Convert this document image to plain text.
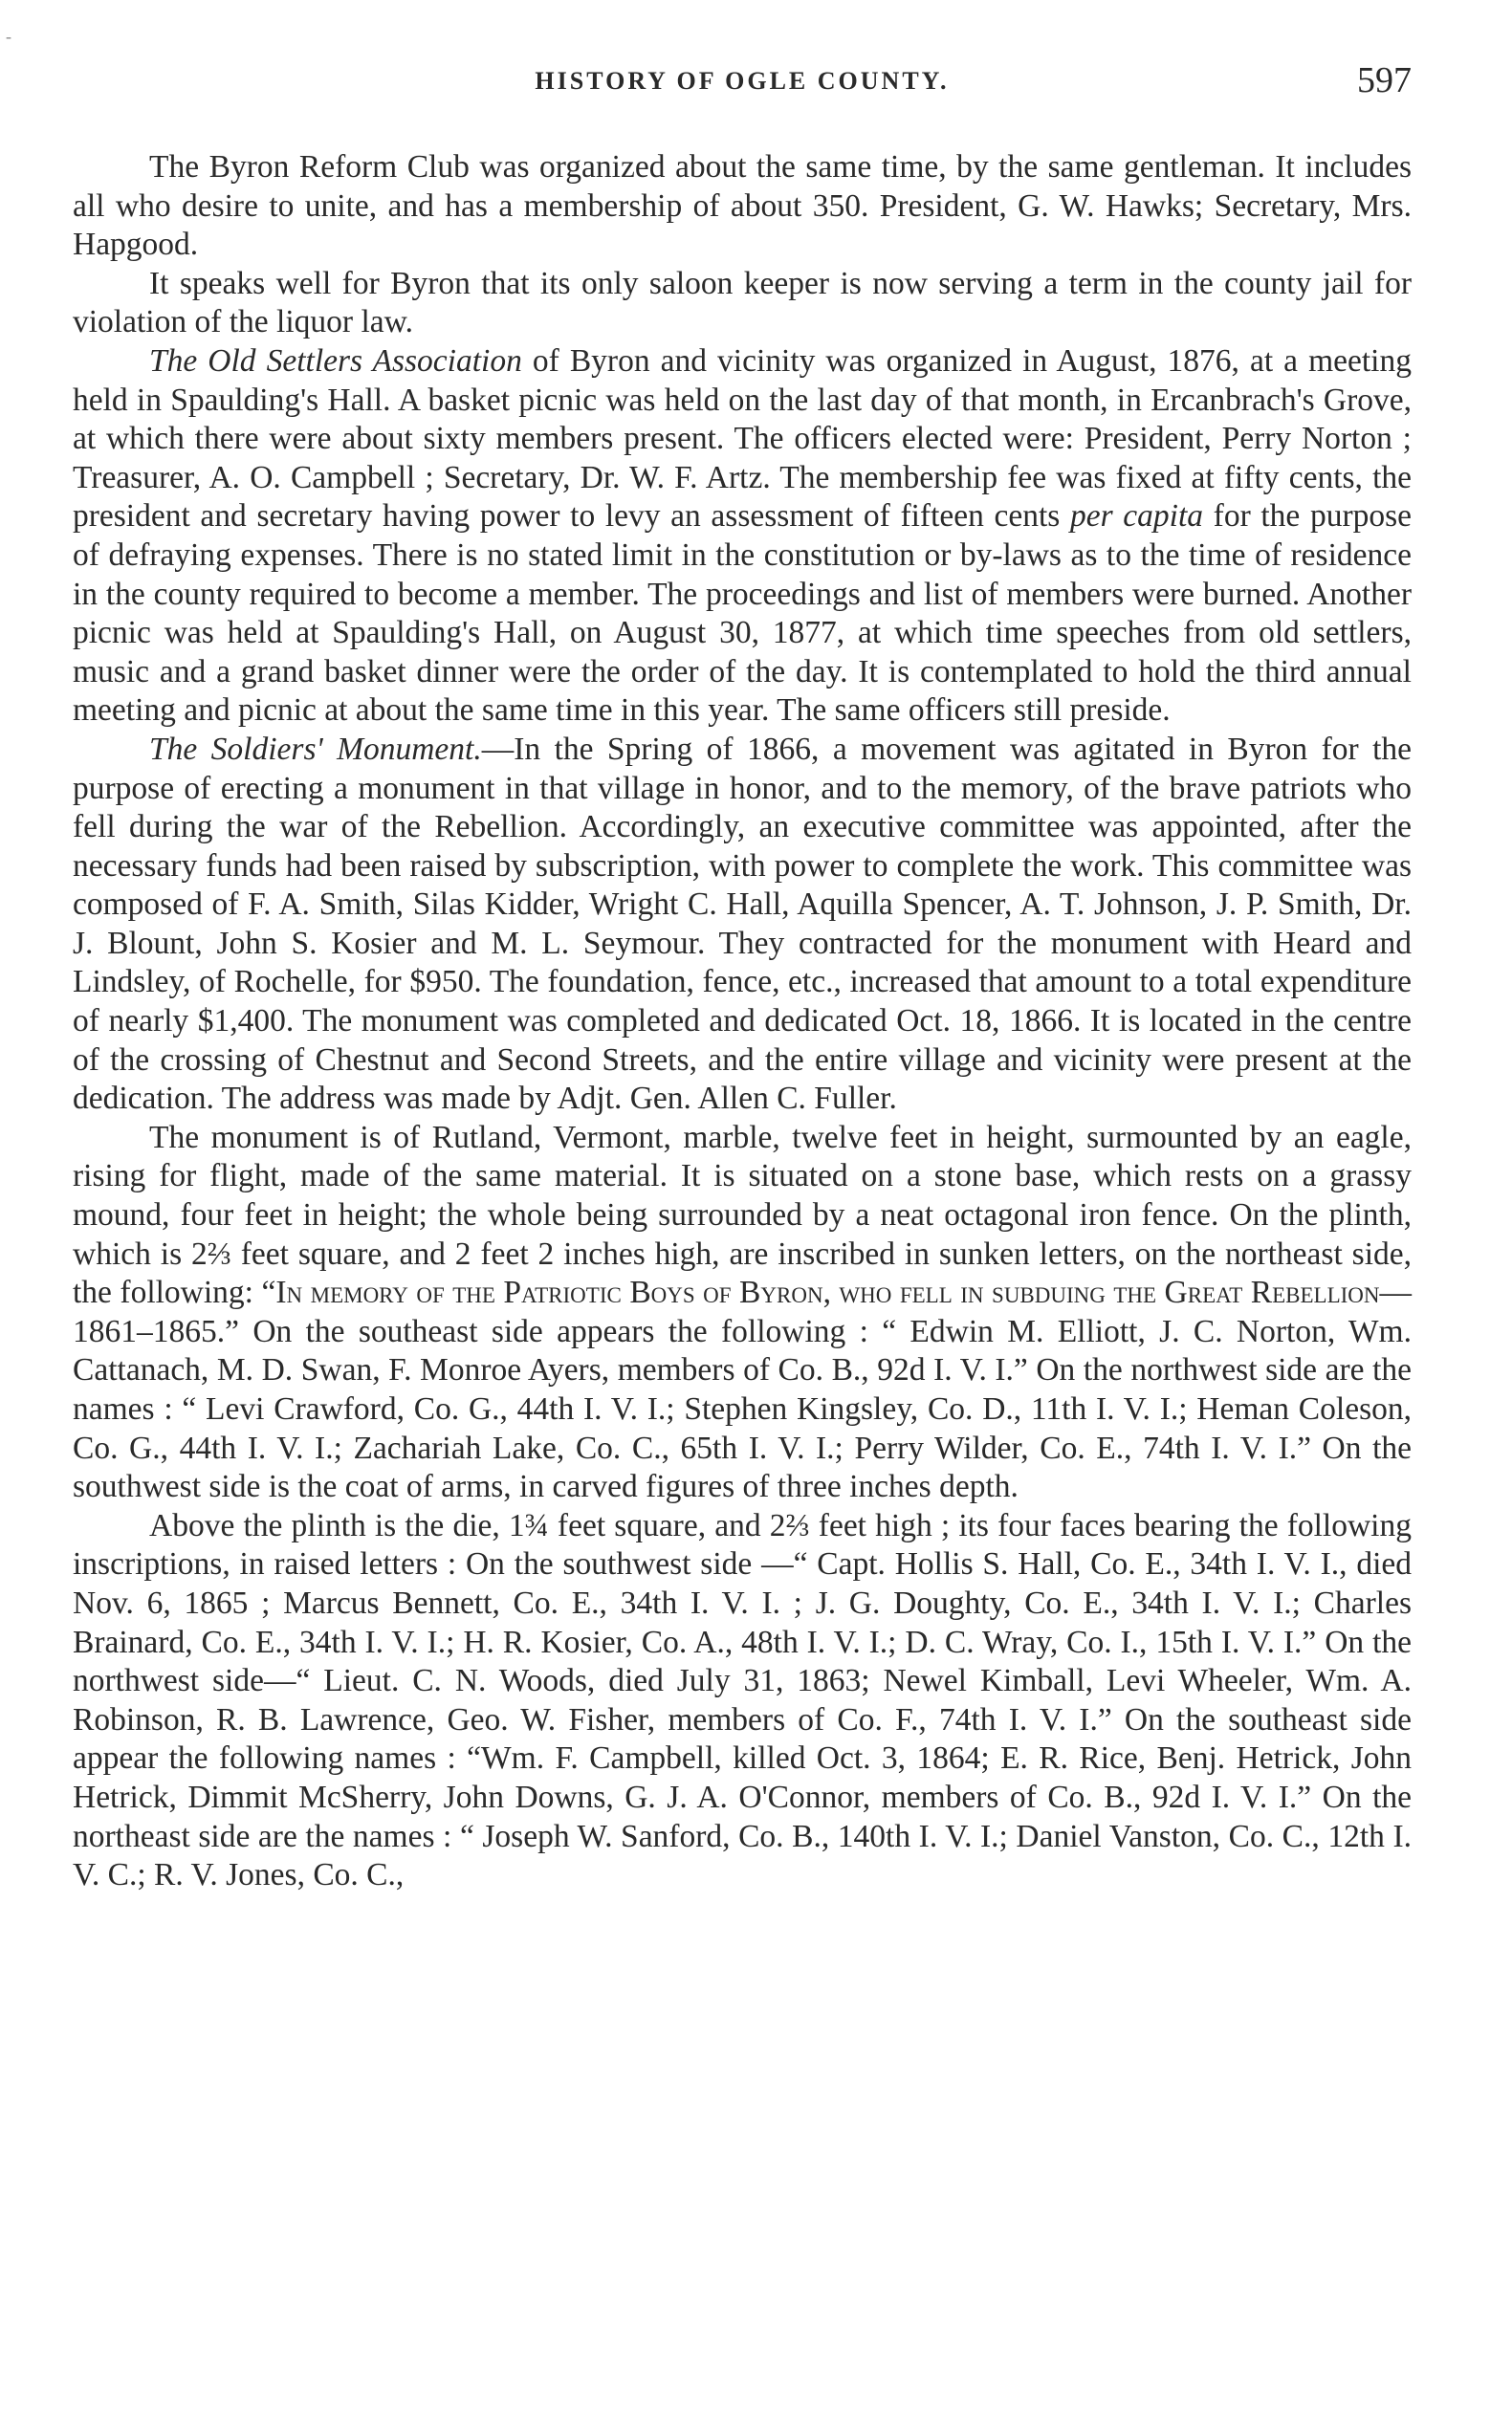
-
HISTORY OF OGLE COUNTY.	597

The Byron Reform Club was organized about the same time, by the same gentleman. It includes all who desire to unite, and has a membership of about 350. President, G. W. Hawks; Secretary, Mrs. Hapgood.

It speaks well for Byron that its only saloon keeper is now serving a term in the county jail for violation of the liquor law.

The Old Settlers Association of Byron and vicinity was organized in August, 1876, at a meeting held in Spaulding's Hall. A basket picnic was held on the last day of that month, in Ercanbrach's Grove, at which there were about sixty members present. The officers elected were: President, Perry Norton ; Treasurer, A. O. Campbell ; Secretary, Dr. W. F. Artz. The membership fee was fixed at fifty cents, the president and secretary having power to levy an assessment of fifteen cents per capita for the purpose of defraying expenses. There is no stated limit in the constitution or by-laws as to the time of residence in the county required to become a member. The proceedings and list of members were burned. Another picnic was held at Spaulding's Hall, on August 30, 1877, at which time speeches from old settlers, music and a grand basket dinner were the order of the day. It is contemplated to hold the third annual meeting and picnic at about the same time in this year. The same officers still preside.

The Soldiers' Monument.—In the Spring of 1866, a movement was agitated in Byron for the purpose of erecting a monument in that village in honor, and to the memory, of the brave patriots who fell during the war of the Rebellion. Accordingly, an executive committee was appointed, after the necessary funds had been raised by subscription, with power to complete the work. This committee was composed of F. A. Smith, Silas Kidder, Wright C. Hall, Aquilla Spencer, A. T. Johnson, J. P. Smith, Dr. J. Blount, John S. Kosier and M. L. Seymour. They contracted for the monument with Heard and Lindsley, of Rochelle, for $950. The foundation, fence, etc., increased that amount to a total expenditure of nearly $1,400. The monument was completed and dedicated Oct. 18, 1866. It is located in the centre of the crossing of Chestnut and Second Streets, and the entire village and vicinity were present at the dedication. The address was made by Adjt. Gen. Allen C. Fuller.

The monument is of Rutland, Vermont, marble, twelve feet in height, surmounted by an eagle, rising for flight, made of the same material. It is situated on a stone base, which rests on a grassy mound, four feet in height; the whole being surrounded by a neat octagonal iron fence. On the plinth, which is 2⅔ feet square, and 2 feet 2 inches high, are inscribed in sunken letters, on the northeast side, the following: “In memory of the Patriotic Boys of Byron, who fell in subduing the Great Rebellion—1861–1865.” On the southeast side appears the following : “ Edwin M. Elliott, J. C. Norton, Wm. Cattanach, M. D. Swan, F. Monroe Ayers, members of Co. B., 92d I. V. I.” On the northwest side are the names : “ Levi Crawford, Co. G., 44th I. V. I.; Stephen Kingsley, Co. D., 11th I. V. I.; Heman Coleson, Co. G., 44th I. V. I.; Zachariah Lake, Co. C., 65th I. V. I.; Perry Wilder, Co. E., 74th I. V. I.” On the southwest side is the coat of arms, in carved figures of three inches depth.

Above the plinth is the die, 1¾ feet square, and 2⅔ feet high ; its four faces bearing the following inscriptions, in raised letters : On the southwest side —“ Capt. Hollis S. Hall, Co. E., 34th I. V. I., died Nov. 6, 1865 ; Marcus Bennett, Co. E., 34th I. V. I. ; J. G. Doughty, Co. E., 34th I. V. I.; Charles Brainard, Co. E., 34th I. V. I.; H. R. Kosier, Co. A., 48th I. V. I.; D. C. Wray, Co. I., 15th I. V. I.” On the northwest side—“ Lieut. C. N. Woods, died July 31, 1863; Newel Kimball, Levi Wheeler, Wm. A. Robinson, R. B. Lawrence, Geo. W. Fisher, members of Co. F., 74th I. V. I.” On the southeast side appear the following names : “Wm. F. Campbell, killed Oct. 3, 1864; E. R. Rice, Benj. Hetrick, John Hetrick, Dimmit McSherry, John Downs, G. J. A. O'Connor, members of Co. B., 92d I. V. I.” On the northeast side are the names : “ Joseph W. Sanford, Co. B., 140th I. V. I.; Daniel Vanston, Co. C., 12th I. V. C.; R. V. Jones, Co. C.,
